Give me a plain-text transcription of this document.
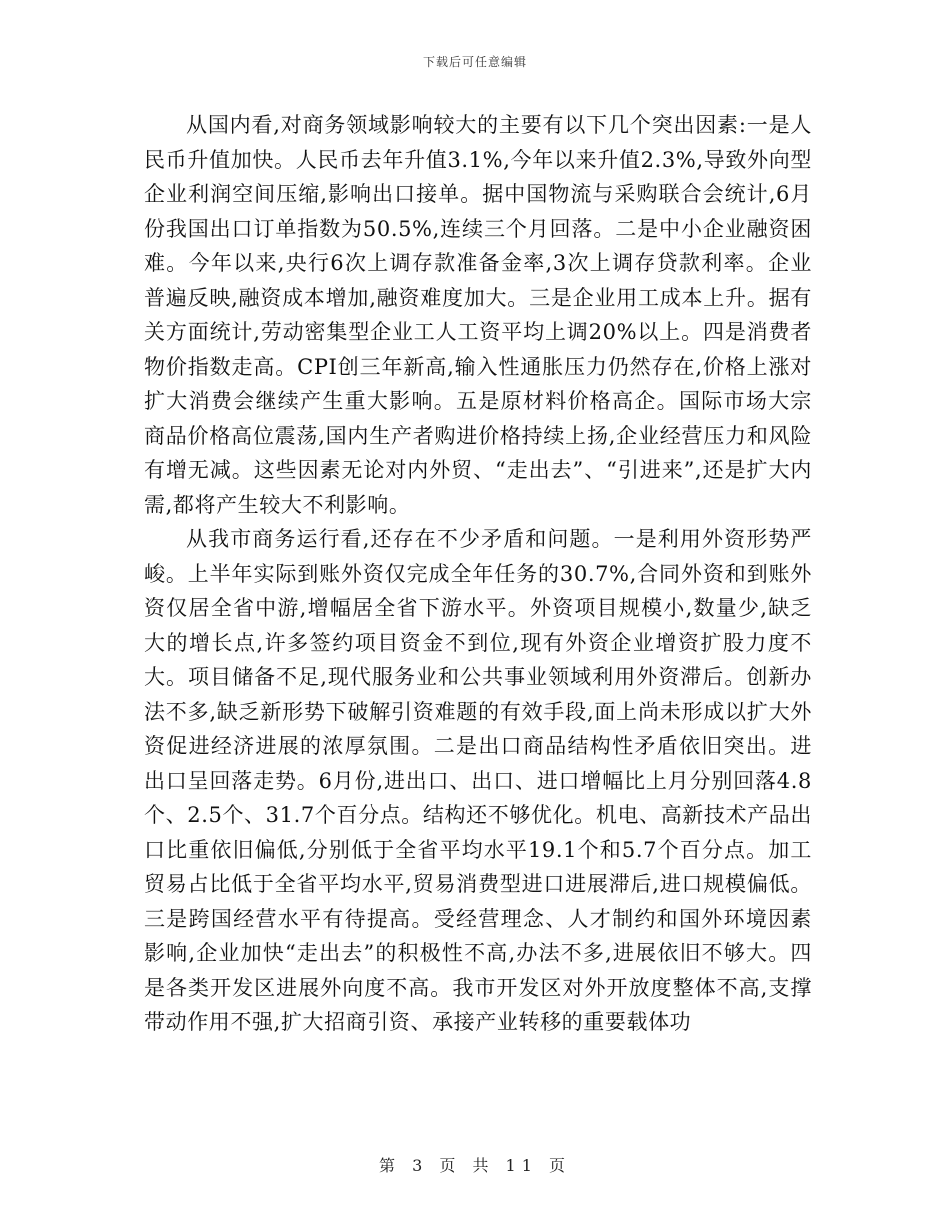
下载后可任意编辑

从国内看,对商务领域影响较大的主要有以下几个突出因素:一是人民币升值加快。人民币去年升值3.1%,今年以来升值2.3%,导致外向型企业利润空间压缩,影响出口接单。据中国物流与采购联合会统计,6月份我国出口订单指数为50.5%,连续三个月回落。二是中小企业融资困难。今年以来,央行6次上调存款准备金率,3次上调存贷款利率。企业普遍反映,融资成本增加,融资难度加大。三是企业用工成本上升。据有关方面统计,劳动密集型企业工人工资平均上调20%以上。四是消费者物价指数走高。CPI创三年新高,输入性通胀压力仍然存在,价格上涨对扩大消费会继续产生重大影响。五是原材料价格高企。国际市场大宗商品价格高位震荡,国内生产者购进价格持续上扬,企业经营压力和风险有增无减。这些因素无论对内外贸、“走出去”、“引进来”,还是扩大内需,都将产生较大不利影响。

从我市商务运行看,还存在不少矛盾和问题。一是利用外资形势严峻。上半年实际到账外资仅完成全年任务的30.7%,合同外资和到账外资仅居全省中游,增幅居全省下游水平。外资项目规模小,数量少,缺乏大的增长点,许多签约项目资金不到位,现有外资企业增资扩股力度不大。项目储备不足,现代服务业和公共事业领域利用外资滞后。创新办法不多,缺乏新形势下破解引资难题的有效手段,面上尚未形成以扩大外资促进经济进展的浓厚氛围。二是出口商品结构性矛盾依旧突出。进出口呈回落走势。6月份,进出口、出口、进口增幅比上月分别回落4.8个、2.5个、31.7个百分点。结构还不够优化。机电、高新技术产品出口比重依旧偏低,分别低于全省平均水平19.1个和5.7个百分点。加工贸易占比低于全省平均水平,贸易消费型进口进展滞后,进口规模偏低。三是跨国经营水平有待提高。受经营理念、人才制约和国外环境因素影响,企业加快“走出去”的积极性不高,办法不多,进展依旧不够大。四是各类开发区进展外向度不高。我市开发区对外开放度整体不高,支撑带动作用不强,扩大招商引资、承接产业转移的重要载体功

第 3 页 共 11 页
